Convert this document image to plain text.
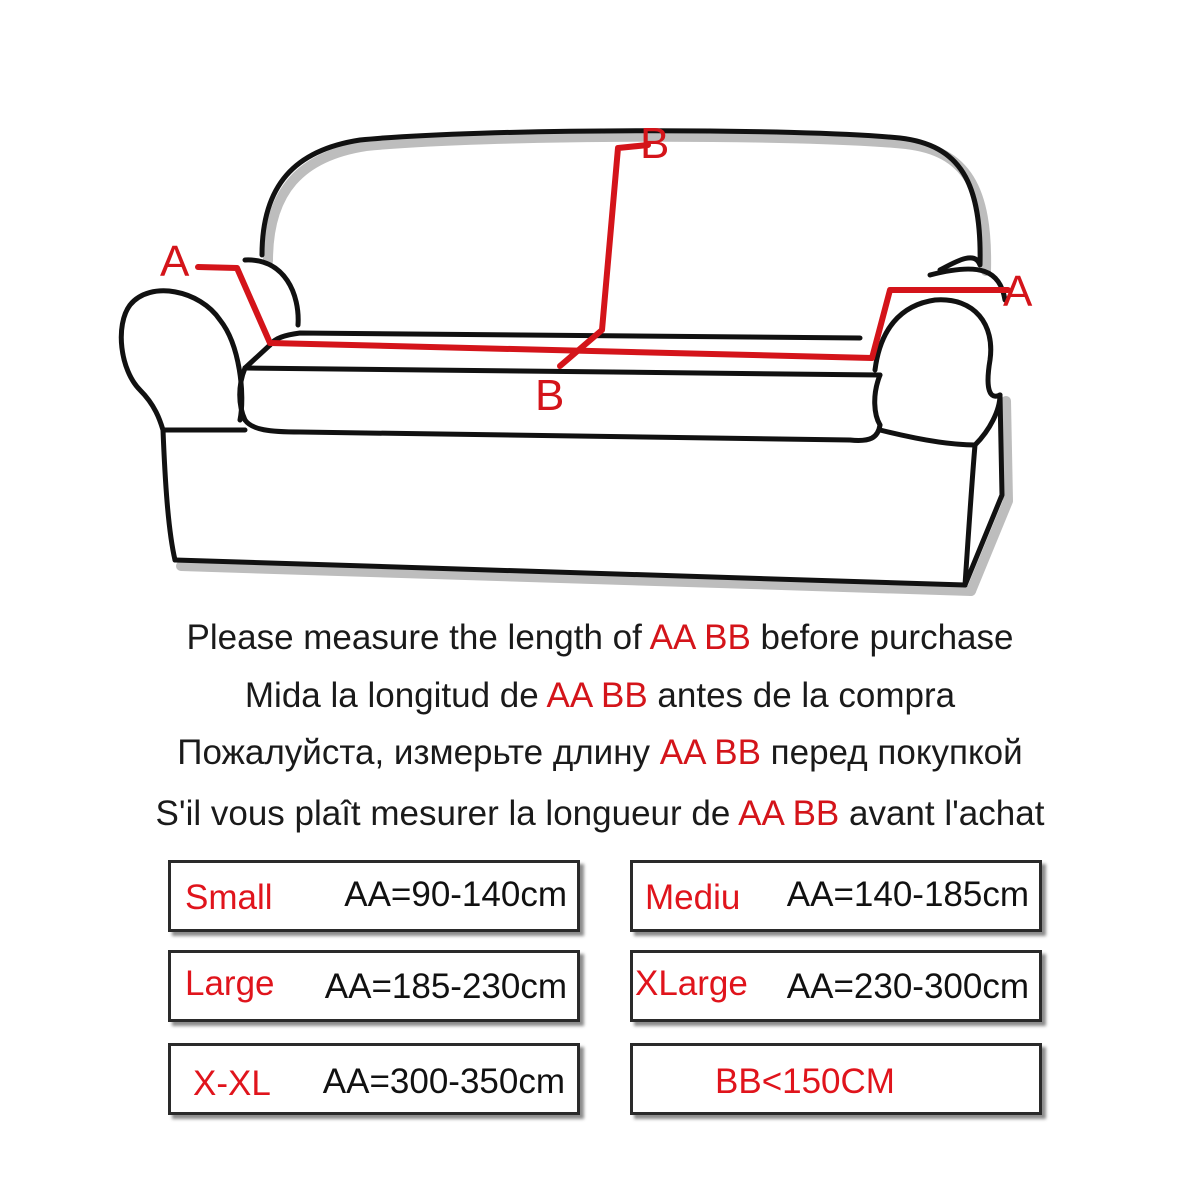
A
A
B
B
Please measure the length of AA BB before purchase
Mida la longitud de AA BB antes de la compra
Пожалуйста, измерьте длину AA BB перед покупкой
S'il vous plaît mesurer la longueur de AA BB avant l'achat
Small AA=90-140cm Mediu AA=140-185cm
Large AA=185-230cm XLarge AA=230-300cm
X-XL AA=300-350cm	BB<150CM
